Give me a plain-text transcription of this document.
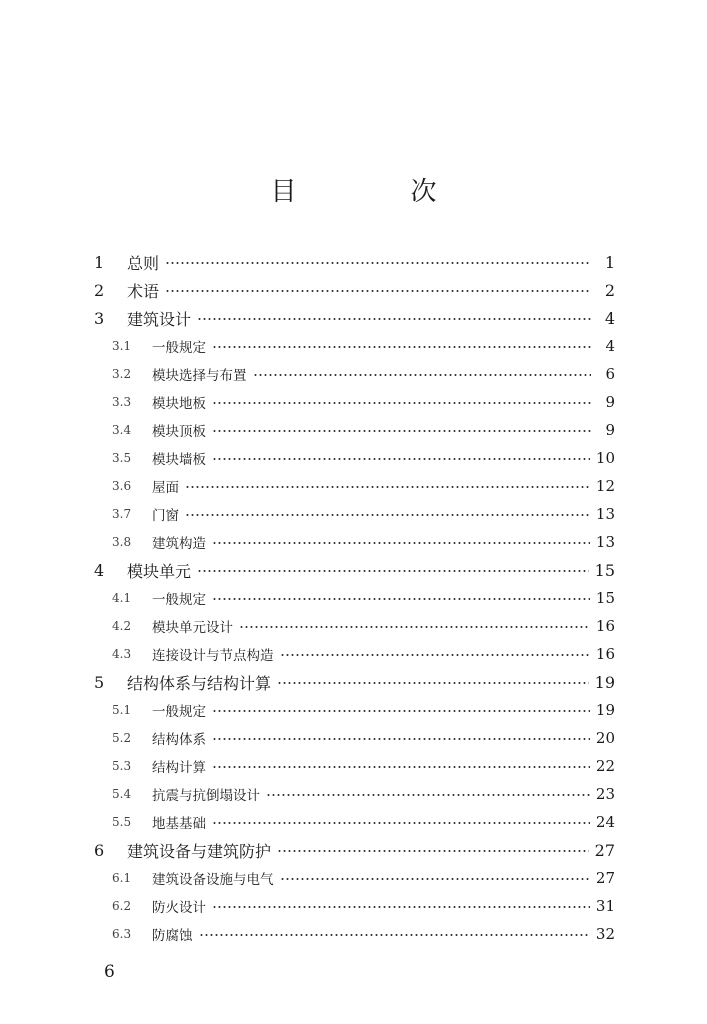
目　次
1	总则	1
2	术语	2
3	建筑设计	4
3.1	一般规定	4
3.2	模块选择与布置	6
3.3	模块地板	9
3.4	模块顶板	9
3.5	模块墙板	10
3.6	屋面	12
3.7	门窗	13
3.8	建筑构造	13
4	模块单元	15
4.1	一般规定	15
4.2	模块单元设计	16
4.3	连接设计与节点构造	16
5	结构体系与结构计算	19
5.1	一般规定	19
5.2	结构体系	20
5.3	结构计算	22
5.4	抗震与抗倒塌设计	23
5.5	地基基础	24
6	建筑设备与建筑防护	27
6.1	建筑设备设施与电气	27
6.2	防火设计	31
6.3	防腐蚀	32
6
